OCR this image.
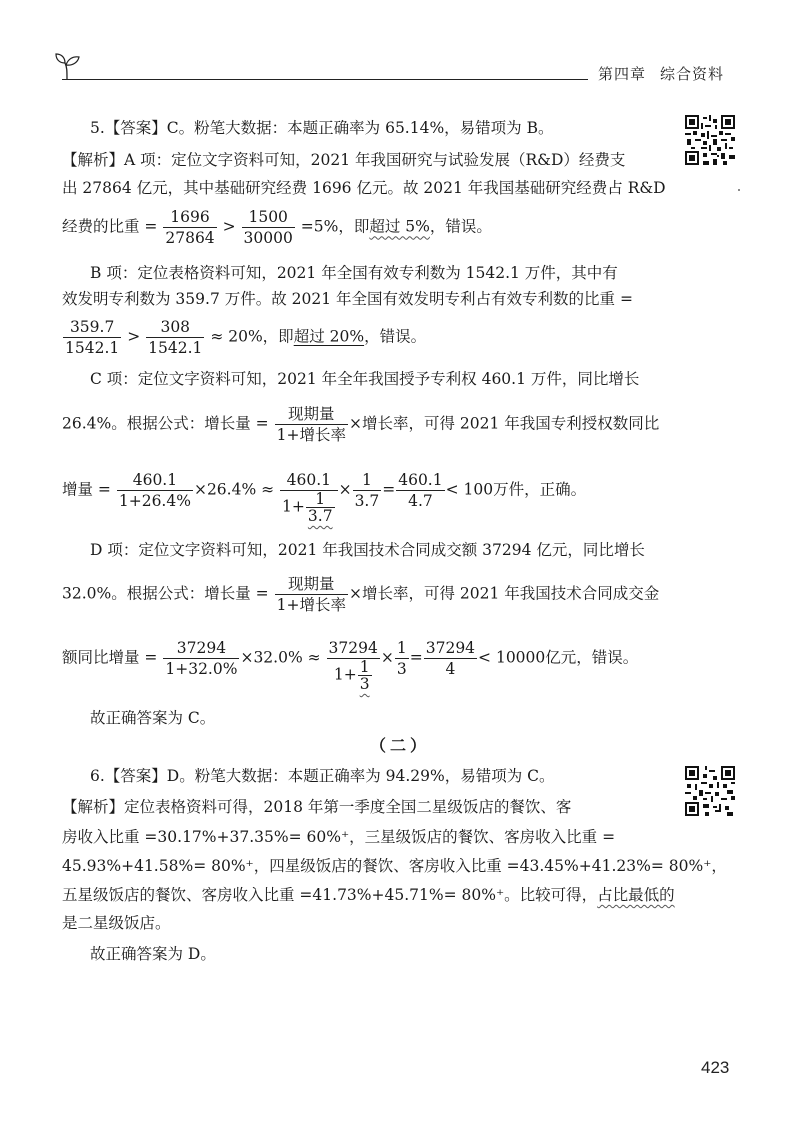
第四章 综合资料
5.【答案】C。粉笔大数据：本题正确率为 65.14%，易错项为 B。
【解析】A 项：定位文字资料可知，2021 年我国研究与试验发展（R&D）经费支
出 27864 亿元，其中基础研究经费 1696 亿元。故 2021 年我国基础研究经费占 R&D
经费的比重 = $\frac{1696}{27864} > \frac{1500}{30000} =5\%$，即超过 5%，错误。
B 项：定位表格资料可知，2021 年全国有效专利数为 1542.1 万件，其中有
效发明专利数为 359.7 万件。故 2021 年全国有效发明专利占有效专利数的比重 =
$\frac{359.7}{1542.1} > \frac{308}{1542.1} \approx 20\%$，即超过 20%，错误。
C 项：定位文字资料可知，2021 年全年我国授予专利权 460.1 万件，同比增长
26.4%。根据公式：增长量 = $\frac{\text{现期量}}{\text{1+增长率}}$ ×增长率，可得 2021 年我国专利授权数同比
增量 = $\frac{460.1}{1+26.4\%} \times 26.4\% \approx \frac{460.1}{1+ \frac{1}{3.7}} \times \frac{1}{3.7} = \frac{460.1}{4.7} < 100$万件，正确。
D 项：定位文字资料可知，2021 年我国技术合同成交额 37294 亿元，同比增长
32.0%。根据公式：增长量 = $\frac{\text{现期量}}{\text{1+增长率}}$ ×增长率，可得 2021 年我国技术合同成交金
额同比增量 = $\frac{37294}{1+32.0\%} \times 32.0\% \approx \frac{37294}{1+ \frac{1}{3}} \times \frac{1}{3} = \frac{37294}{4} < 10000$亿元，错误。
故正确答案为 C。
（二）
6.【答案】D。粉笔大数据：本题正确率为 94.29%，易错项为 C。
【解析】定位表格资料可得，2018 年第一季度全国二星级饭店的餐饮、客
房收入比重 =30.17%+37.35%= 60%⁺，三星级饭店的餐饮、客房收入比重 =
45.93%+41.58%= 80%⁺，四星级饭店的餐饮、客房收入比重 =43.45%+41.23%= 80%⁺，
五星级饭店的餐饮、客房收入比重 =41.73%+45.71%= 80%⁺。比较可得，占比最低的
是二星级饭店。
故正确答案为 D。
423
